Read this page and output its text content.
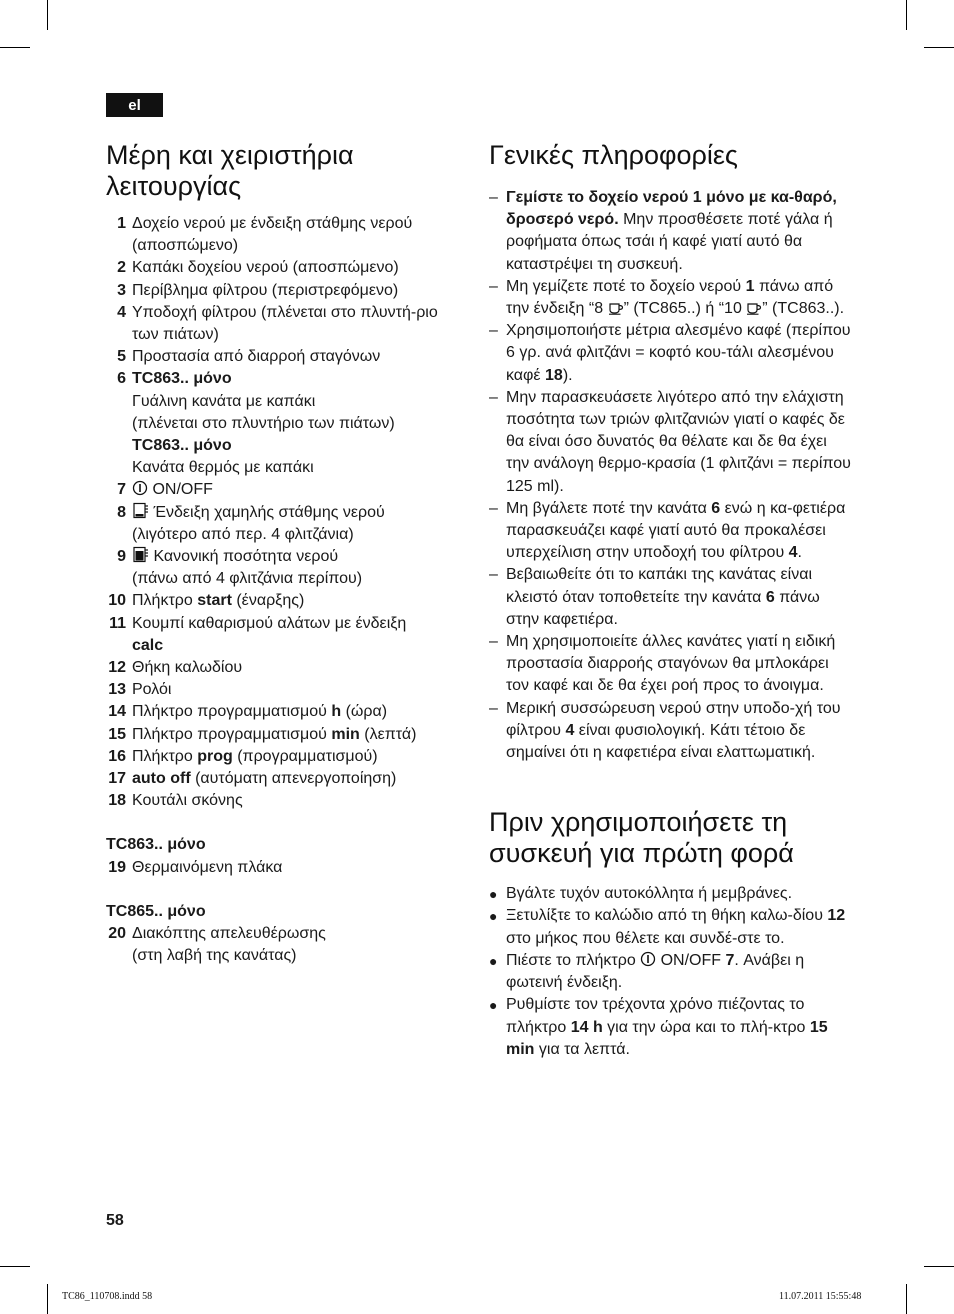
el
Μέρη και χειριστήρια
λειτουργίας
1 Δοχείο νερού με ένδειξη στάθμης νερού (αποσπώμενο)
2 Καπάκι δοχείου νερού (αποσπώμενο)
3 Περίβλημα φίλτρου (περιστρεφόμενο)
4 Υποδοχή φίλτρου (πλένεται στο πλυντή-ριο των πιάτων)
5 Προστασία από διαρροή σταγόνων
6 TC863.. μόνο
Γυάλινη κανάτα με καπάκι
(πλένεται στο πλυντήριο των πιάτων)
TC863.. μόνο
Κανάτα θερμός με καπάκι
7	ON/OFF
8	Ένδειξη χαμηλής στάθμης νερού
(λιγότερο από περ. 4 φλιτζάνια)
9	Κανονική ποσότητα νερού
(πάνω από 4 φλιτζάνια περίπου)
10 Πλήκτρο start (έναρξης)
11 Κουμπί καθαρισμού αλάτων με ένδειξη
calc
12 Θήκη καλωδίου
13 Ρολόι
14 Πλήκτρο προγραμματισμού h (ώρα)
15 Πλήκτρο προγραμματισμού min (λεπτά)
16 Πλήκτρο prog (προγραμματισμού)
17 auto off (αυτόματη απενεργοποίηση)
18 Κουτάλι σκόνης
TC863.. μόνο
19 Θερμαινόμενη πλάκα
TC865.. μόνο
20 Διακόπτης απελευθέρωσης
(στη λαβή της κανάτας)
Γενικές πληροφορίες
– Γεμίστε το δοχείο νερού 1 μόνο με κα-θαρό, δροσερό νερό. Μην προσθέσετε ποτέ γάλα ή ροφήματα όπως τσάι ή καφέ γιατί αυτό θα καταστρέψει τη συσκευή.
– Μη γεμίζετε ποτέ το δοχείο νερού 1 πάνω από την ένδειξη “8 ” (TC865..) ή “10 ” (TC863..).
– Χρησιμοποιήστε μέτρια αλεσμένο καφέ (περίπου 6 γρ. ανά φλιτζάνι = κοφτό κου-τάλι αλεσμένου καφέ 18).
– Μην παρασκευάσετε λιγότερο από την ελάχιστη ποσότητα των τριών φλιτζανιών γιατί ο καφές δε θα είναι όσο δυνατός θα θέλατε και δε θα έχει την ανάλογη θερμο-κρασία (1 φλιτζάνι = περίπου 125 ml).
– Μη βγάλετε ποτέ την κανάτα 6 ενώ η κα-φετιέρα παρασκευάζει καφέ γιατί αυτό θα προκαλέσει υπερχείλιση στην υποδοχή του φίλτρου 4.
– Βεβαιωθείτε ότι το καπάκι της κανάτας είναι κλειστό όταν τοποθετείτε την κανάτα 6 πάνω στην καφετιέρα.
– Μη χρησιμοποιείτε άλλες κανάτες γιατί η ειδική προστασία διαρροής σταγόνων θα μπλοκάρει τον καφέ και δε θα έχει ροή προς το άνοιγμα.
– Μερική συσσώρευση νερού στην υποδο-χή του φίλτρου 4 είναι φυσιολογική. Κάτι τέτοιο δε σημαίνει ότι η καφετιέρα είναι ελαττωματική.
Πριν χρησιμοποιήσετε τη
συσκευή για πρώτη φορά
● Βγάλτε τυχόν αυτοκόλλητα ή μεμβράνες.
● Ξετυλίξτε το καλώδιο από τη θήκη καλω-δίου 12 στο μήκος που θέλετε και συνδέ-στε το.
● Πιέστε το πλήκτρο  ON/OFF 7. Ανάβει η φωτεινή ένδειξη.
● Ρυθμίστε τον τρέχοντα χρόνο πιέζοντας το πλήκτρο 14 h για την ώρα και το πλή-κτρο 15 min για τα λεπτά.
58
TC86_110708.indd 58	11.07.2011 15:55:48
